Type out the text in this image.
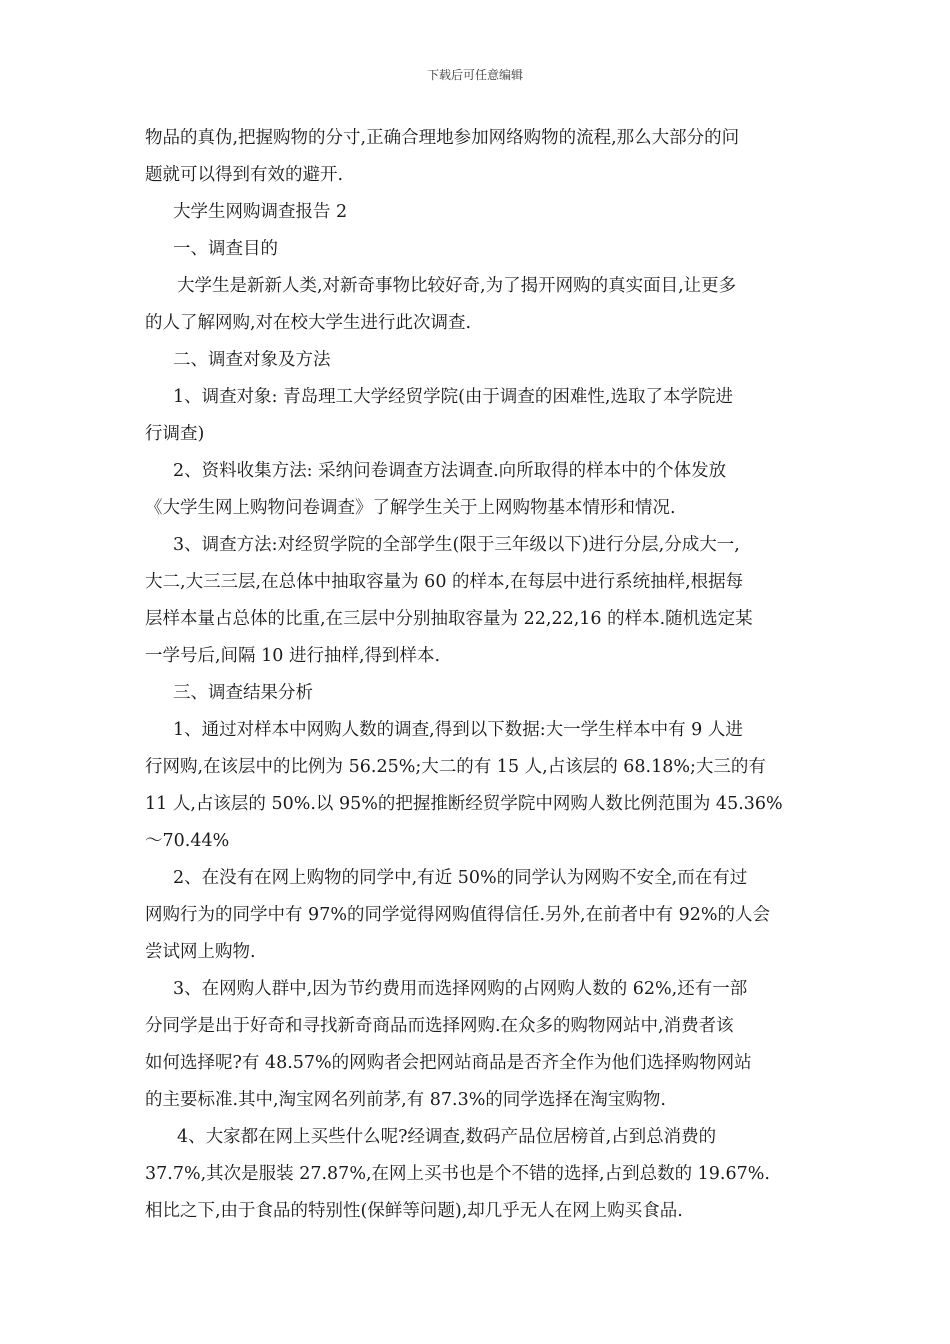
下载后可任意编辑
物品的真伪,把握购物的分寸,正确合理地参加网络购物的流程,那么大部分的问
题就可以得到有效的避开.
大学生网购调查报告 2
一、调查目的
大学生是新新人类,对新奇事物比较好奇,为了揭开网购的真实面目,让更多
的人了解网购,对在校大学生进行此次调查.
二、调查对象及方法
1、调查对象: 青岛理工大学经贸学院(由于调查的困难性,选取了本学院进
行调查)
2、资料收集方法: 采纳问卷调查方法调查.向所取得的样本中的个体发放
《大学生网上购物问卷调查》了解学生关于上网购物基本情形和情况.
3、调查方法:对经贸学院的全部学生(限于三年级以下)进行分层,分成大一,
大二,大三三层,在总体中抽取容量为 60 的样本,在每层中进行系统抽样,根据每
层样本量占总体的比重,在三层中分别抽取容量为 22,22,16 的样本.随机选定某
一学号后,间隔 10 进行抽样,得到样本.
三、调查结果分析
1、通过对样本中网购人数的调查,得到以下数据:大一学生样本中有 9 人进
行网购,在该层中的比例为 56.25%;大二的有 15 人,占该层的 68.18%;大三的有
11 人,占该层的 50%.以 95%的把握推断经贸学院中网购人数比例范围为 45.36%
～70.44%
2、在没有在网上购物的同学中,有近 50%的同学认为网购不安全,而在有过
网购行为的同学中有 97%的同学觉得网购值得信任.另外,在前者中有 92%的人会
尝试网上购物.
3、在网购人群中,因为节约费用而选择网购的占网购人数的 62%,还有一部
分同学是出于好奇和寻找新奇商品而选择网购.在众多的购物网站中,消费者该
如何选择呢?有 48.57%的网购者会把网站商品是否齐全作为他们选择购物网站
的主要标准.其中,淘宝网名列前茅,有 87.3%的同学选择在淘宝购物.
4、大家都在网上买些什么呢?经调查,数码产品位居榜首,占到总消费的
37.7%,其次是服装 27.87%,在网上买书也是个不错的选择,占到总数的 19.67%.
相比之下,由于食品的特别性(保鲜等问题),却几乎无人在网上购买食品.
